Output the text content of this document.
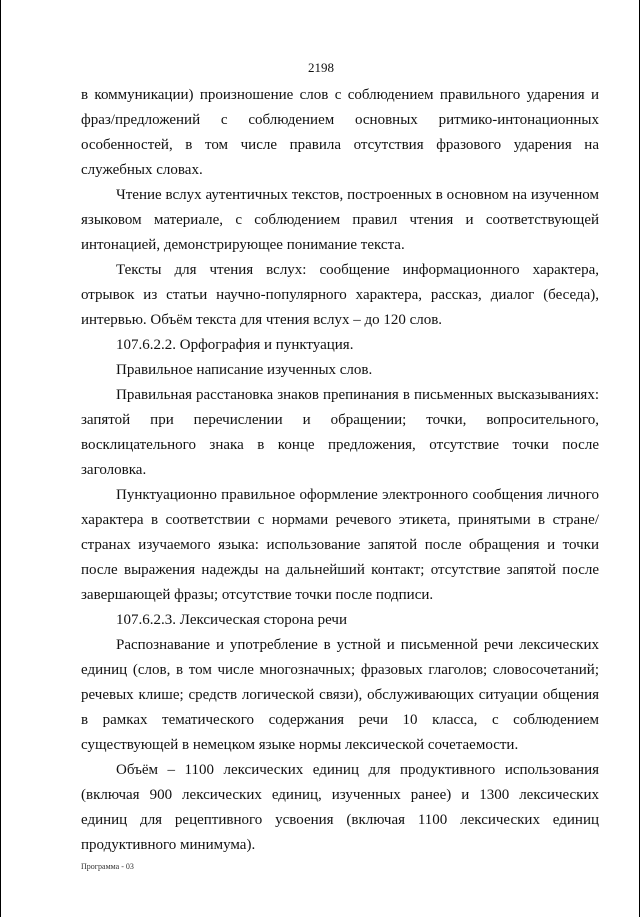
2198

в коммуникации) произношение слов с соблюдением правильного ударения и фраз/предложений с соблюдением основных ритмико-интонационных особенностей, в том числе правила отсутствия фразового ударения на служебных словах.

Чтение вслух аутентичных текстов, построенных в основном на изученном языковом материале, с соблюдением правил чтения и соответствующей интонацией, демонстрирующее понимание текста.

Тексты для чтения вслух: сообщение информационного характера, отрывок из статьи научно-популярного характера, рассказ, диалог (беседа), интервью. Объём текста для чтения вслух – до 120 слов.

107.6.2.2. Орфография и пунктуация.

Правильное написание изученных слов.

Правильная расстановка знаков препинания в письменных высказываниях: запятой при перечислении и обращении; точки, вопросительного, восклицательного знака в конце предложения, отсутствие точки после заголовка.

Пунктуационно правильное оформление электронного сообщения личного характера в соответствии с нормами речевого этикета, принятыми в стране/странах изучаемого языка: использование запятой после обращения и точки после выражения надежды на дальнейший контакт; отсутствие запятой после завершающей фразы; отсутствие точки после подписи.

107.6.2.3. Лексическая сторона речи

Распознавание и употребление в устной и письменной речи лексических единиц (слов, в том числе многозначных; фразовых глаголов; словосочетаний; речевых клише; средств логической связи), обслуживающих ситуации общения в рамках тематического содержания речи 10 класса, с соблюдением существующей в немецком языке нормы лексической сочетаемости.

Объём – 1100 лексических единиц для продуктивного использования (включая 900 лексических единиц, изученных ранее) и 1300 лексических единиц для рецептивного усвоения (включая 1100 лексических единиц продуктивного минимума).

Программа - 03
